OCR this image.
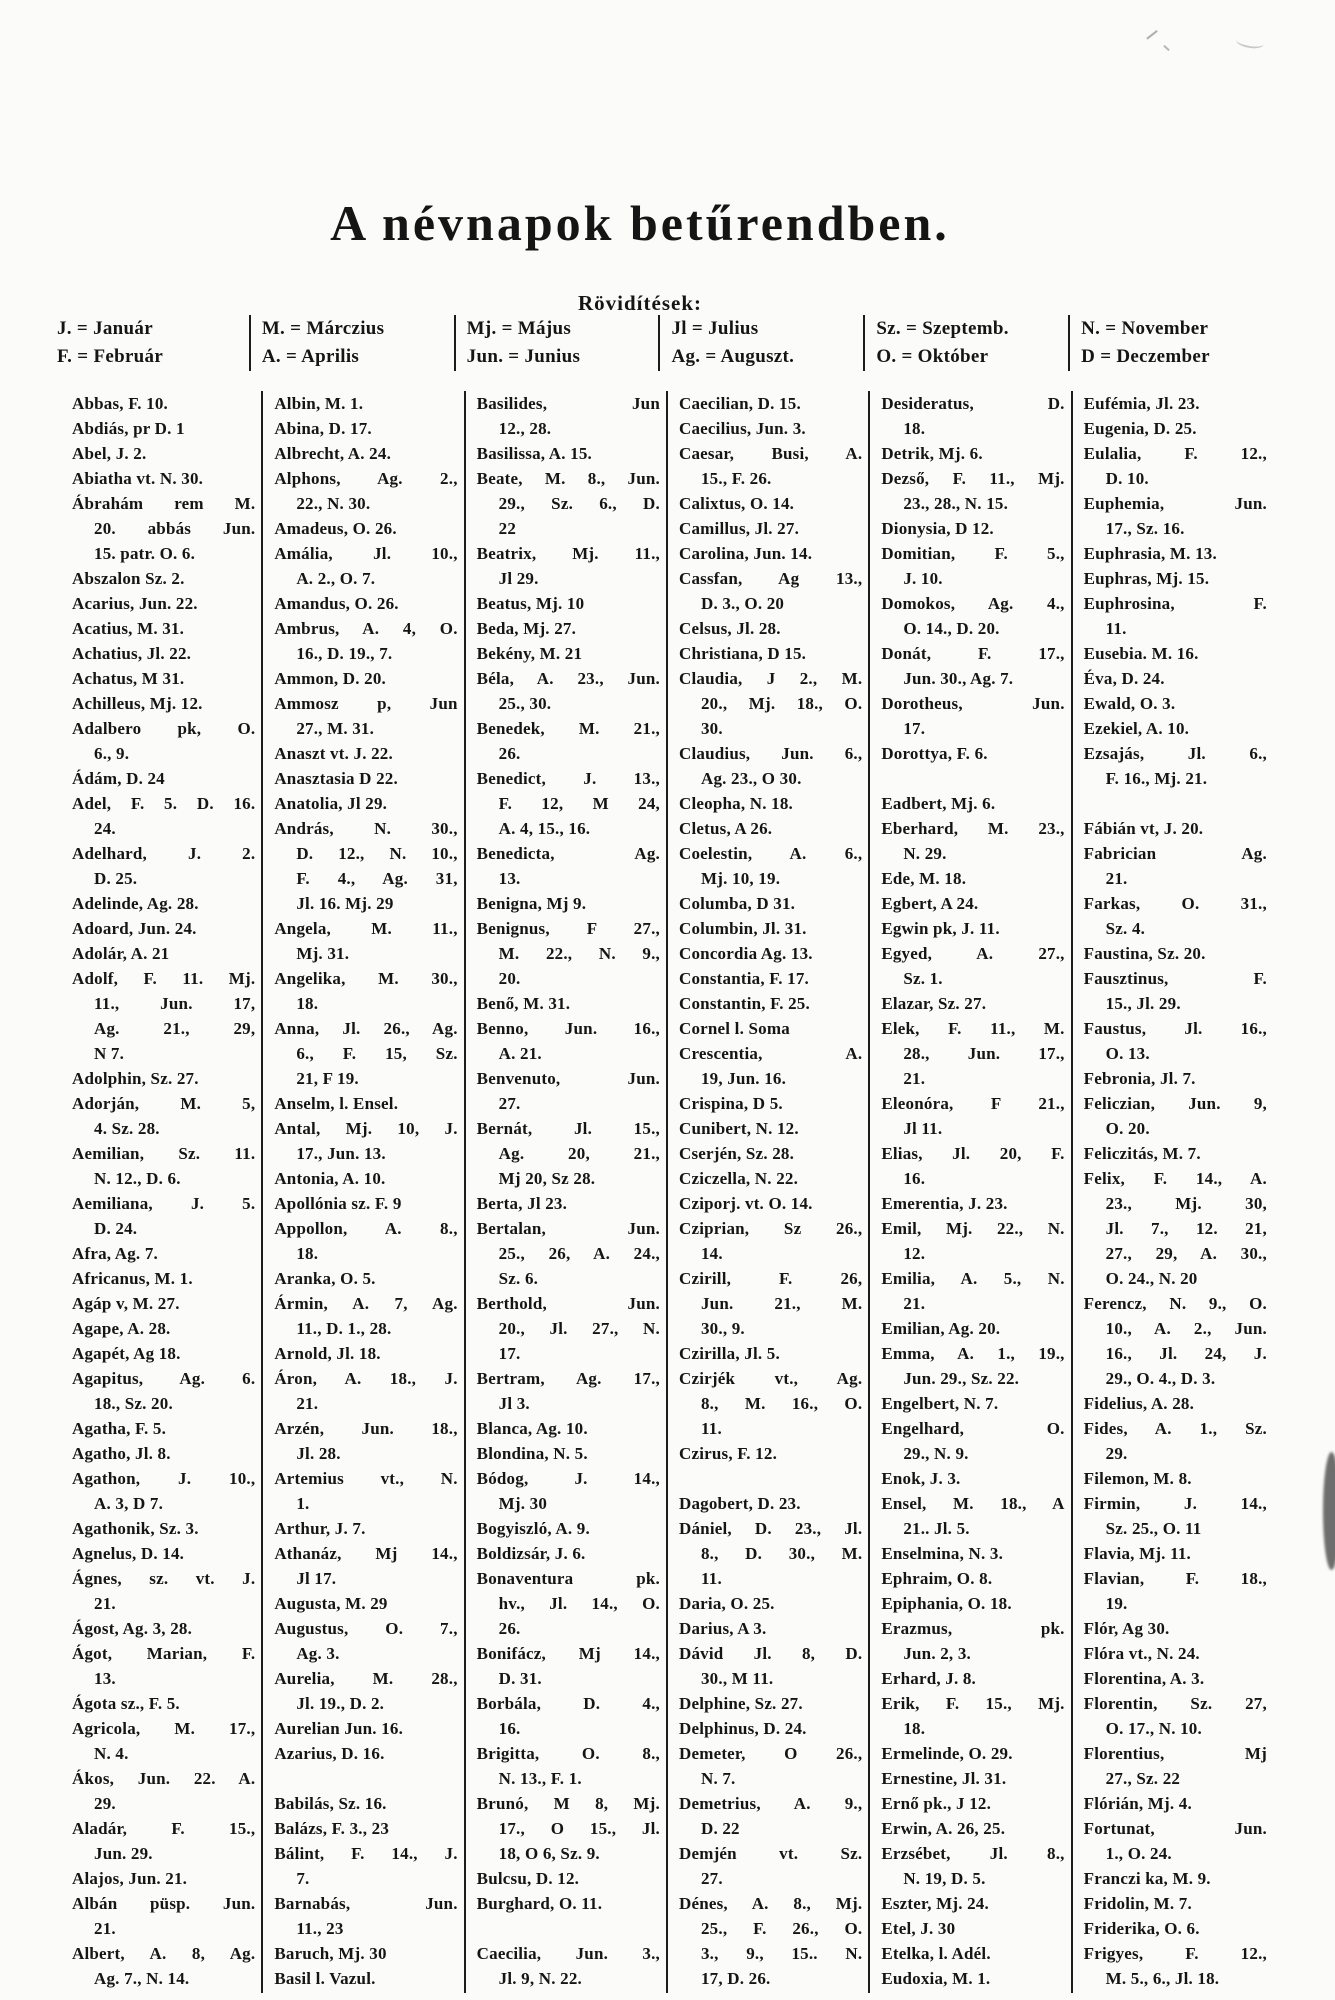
A névnapok betűrendben.
Rövidítések:
J. = Január
F. = Február
M. = Márczius
A. = Aprilis
Mj. = Május
Jun. = Junius
Jl = Julius
Ag. = Auguszt.
Sz. = Szeptemb.
O. = Október
N. = November
D = Deczember
Abbas, F. 10.
Abdiás, pr D. 1
Abel, J. 2.
Abiatha vt. N. 30.
Ábrahám rem M.
20. abbás Jun.
15. patr. O. 6.
Abszalon Sz. 2.
Acarius, Jun. 22.
Acatius, M. 31.
Achatius, Jl. 22.
Achatus, M 31.
Achilleus, Mj. 12.
Adalbero pk, O.
6., 9.
Ádám, D. 24
Adel, F. 5. D. 16.
24.
Adelhard, J. 2.
D. 25.
Adelinde, Ag. 28.
Adoard, Jun. 24.
Adolár, A. 21
Adolf, F. 11. Mj.
11., Jun. 17,
Ag. 21., 29,
N 7.
Adolphin, Sz. 27.
Adorján, M. 5,
4. Sz. 28.
Aemilian, Sz. 11.
N. 12., D. 6.
Aemiliana, J. 5.
D. 24.
Afra, Ag. 7.
Africanus, M. 1.
Agáp v, M. 27.
Agape, A. 28.
Agapét, Ag 18.
Agapitus, Ag. 6.
18., Sz. 20.
Agatha, F. 5.
Agatho, Jl. 8.
Agathon, J. 10.,
A. 3, D 7.
Agathonik, Sz. 3.
Agnelus, D. 14.
Ágnes, sz. vt. J.
21.
Ágost, Ag. 3, 28.
Ágot, Marian, F.
13.
Ágota sz., F. 5.
Agricola, M. 17.,
N. 4.
Ákos, Jun. 22. A.
29.
Aladár, F. 15.,
Jun. 29.
Alajos, Jun. 21.
Albán püsp. Jun.
21.
Albert, A. 8, Ag.
Ag. 7., N. 14.
Albin, M. 1.
Abina, D. 17.
Albrecht, A. 24.
Alphons, Ag. 2.,
22., N. 30.
Amadeus, O. 26.
Amália, Jl. 10.,
A. 2., O. 7.
Amandus, O. 26.
Ambrus, A. 4, O.
16., D. 19., 7.
Ammon, D. 20.
Ammosz p, Jun
27., M. 31.
Anaszt vt. J. 22.
Anasztasia D 22.
Anatolia, Jl 29.
András, N. 30.,
D. 12., N. 10.,
F. 4., Ag. 31,
Jl. 16. Mj. 29
Angela, M. 11.,
Mj. 31.
Angelika, M. 30.,
18.
Anna, Jl. 26., Ag.
6., F. 15, Sz.
21, F 19.
Anselm, l. Ensel.
Antal, Mj. 10, J.
17., Jun. 13.
Antonia, A. 10.
Apollónia sz. F. 9
Appollon, A. 8.,
18.
Aranka, O. 5.
Ármin, A. 7, Ag.
11., D. 1., 28.
Arnold, Jl. 18.
Áron, A. 18., J.
21.
Arzén, Jun. 18.,
Jl. 28.
Artemius vt., N.
1.
Arthur, J. 7.
Athanáz, Mj 14.,
Jl 17.
Augusta, M. 29
Augustus, O. 7.,
Ag. 3.
Aurelia, M. 28.,
Jl. 19., D. 2.
Aurelian Jun. 16.
Azarius, D. 16.
Babilás, Sz. 16.
Balázs, F. 3., 23
Bálint, F. 14., J.
7.
Barnabás, Jun.
11., 23
Baruch, Mj. 30
Basil l. Vazul.
Basilides, Jun
12., 28.
Basilissa, A. 15.
Beate, M. 8., Jun.
29., Sz. 6., D.
22
Beatrix, Mj. 11.,
Jl 29.
Beatus, Mj. 10
Beda, Mj. 27.
Bekény, M. 21
Béla, A. 23., Jun.
25., 30.
Benedek, M. 21.,
26.
Benedict, J. 13.,
F. 12, M 24,
A. 4, 15., 16.
Benedicta, Ag.
13.
Benigna, Mj 9.
Benignus, F 27.,
M. 22., N. 9.,
20.
Benő, M. 31.
Benno, Jun. 16.,
A. 21.
Benvenuto, Jun.
27.
Bernát, Jl. 15.,
Ag. 20, 21.,
Mj 20, Sz 28.
Berta, Jl 23.
Bertalan, Jun.
25., 26, A. 24.,
Sz. 6.
Berthold, Jun.
20., Jl. 27., N.
17.
Bertram, Ag. 17.,
Jl 3.
Blanca, Ag. 10.
Blondina, N. 5.
Bódog, J. 14.,
Mj. 30
Bogyiszló, A. 9.
Boldizsár, J. 6.
Bonaventura pk.
hv., Jl. 14., O.
26.
Bonifácz, Mj 14.,
D. 31.
Borbála, D. 4.,
16.
Brigitta, O. 8.,
N. 13., F. 1.
Brunó, M 8, Mj.
17., O 15., Jl.
18, O 6, Sz. 9.
Bulcsu, D. 12.
Burghard, O. 11.
Caecilia, Jun. 3.,
Jl. 9, N. 22.
Caecilian, D. 15.
Caecilius, Jun. 3.
Caesar, Busi, A.
15., F. 26.
Calixtus, O. 14.
Camillus, Jl. 27.
Carolina, Jun. 14.
Cassfan, Ag 13.,
D. 3., O. 20
Celsus, Jl. 28.
Christiana, D 15.
Claudia, J 2., M.
20., Mj. 18., O.
30.
Claudius, Jun. 6.,
Ag. 23., O 30.
Cleopha, N. 18.
Cletus, A 26.
Coelestin, A. 6.,
Mj. 10, 19.
Columba, D 31.
Columbin, Jl. 31.
Concordia Ag. 13.
Constantia, F. 17.
Constantin, F. 25.
Cornel l. Soma
Crescentia, A.
19, Jun. 16.
Crispina, D 5.
Cunibert, N. 12.
Cserjén, Sz. 28.
Cziczella, N. 22.
Cziporj. vt. O. 14.
Cziprian, Sz 26.,
14.
Czirill, F. 26,
Jun. 21., M.
30., 9.
Czirilla, Jl. 5.
Czirjék vt., Ag.
8., M. 16., O.
11.
Czirus, F. 12.
Dagobert, D. 23.
Dániel, D. 23., Jl.
8., D. 30., M.
11.
Daria, O. 25.
Darius, A 3.
Dávid Jl. 8, D.
30., M 11.
Delphine, Sz. 27.
Delphinus, D. 24.
Demeter, O 26.,
N. 7.
Demetrius, A. 9.,
D. 22
Demjén vt. Sz.
27.
Dénes, A. 8., Mj.
25., F. 26., O.
3., 9., 15.. N.
17, D. 26.
Desideratus, D.
18.
Detrik, Mj. 6.
Dezső, F. 11., Mj.
23., 28., N. 15.
Dionysia, D 12.
Domitian, F. 5.,
J. 10.
Domokos, Ag. 4.,
O. 14., D. 20.
Donát, F. 17.,
Jun. 30., Ag. 7.
Dorotheus, Jun.
17.
Dorottya, F. 6.
Eadbert, Mj. 6.
Eberhard, M. 23.,
N. 29.
Ede, M. 18.
Egbert, A 24.
Egwin pk, J. 11.
Egyed, A. 27.,
Sz. 1.
Elazar, Sz. 27.
Elek, F. 11., M.
28., Jun. 17.,
21.
Eleonóra, F 21.,
Jl 11.
Elias, Jl. 20, F.
16.
Emerentia, J. 23.
Emil, Mj. 22., N.
12.
Emilia, A. 5., N.
21.
Emilian, Ag. 20.
Emma, A. 1., 19.,
Jun. 29., Sz. 22.
Engelbert, N. 7.
Engelhard, O.
29., N. 9.
Enok, J. 3.
Ensel, M. 18., A
21.. Jl. 5.
Enselmina, N. 3.
Ephraim, O. 8.
Epiphania, O. 18.
Erazmus, pk.
Jun. 2, 3.
Erhard, J. 8.
Erik, F. 15., Mj.
18.
Ermelinde, O. 29.
Ernestine, Jl. 31.
Ernő pk., J 12.
Erwin, A. 26, 25.
Erzsébet, Jl. 8.,
N. 19, D. 5.
Eszter, Mj. 24.
Etel, J. 30
Etelka, l. Adél.
Eudoxia, M. 1.
Eufémia, Jl. 23.
Eugenia, D. 25.
Eulalia, F. 12.,
D. 10.
Euphemia, Jun.
17., Sz. 16.
Euphrasia, M. 13.
Euphras, Mj. 15.
Euphrosina, F.
11.
Eusebia. M. 16.
Éva, D. 24.
Ewald, O. 3.
Ezekiel, A. 10.
Ezsajás, Jl. 6.,
F. 16., Mj. 21.
Fábián vt, J. 20.
Fabrician Ag.
21.
Farkas, O. 31.,
Sz. 4.
Faustina, Sz. 20.
Fausztinus, F.
15., Jl. 29.
Faustus, Jl. 16.,
O. 13.
Febronia, Jl. 7.
Feliczian, Jun. 9,
O. 20.
Feliczitás, M. 7.
Felix, F. 14., A.
23., Mj. 30,
Jl. 7., 12. 21,
27., 29, A. 30.,
O. 24., N. 20
Ferencz, N. 9., O.
10., A. 2., Jun.
16., Jl. 24, J.
29., O. 4., D. 3.
Fidelius, A. 28.
Fides, A. 1., Sz.
29.
Filemon, M. 8.
Firmin, J. 14.,
Sz. 25., O. 11
Flavia, Mj. 11.
Flavian, F. 18.,
19.
Flór, Ag 30.
Flóra vt., N. 24.
Florentina, A. 3.
Florentin, Sz. 27,
O. 17., N. 10.
Florentius, Mj
27., Sz. 22
Flórián, Mj. 4.
Fortunat, Jun.
1., O. 24.
Franczi ka, M. 9.
Fridolin, M. 7.
Friderika, O. 6.
Frigyes, F. 12.,
M. 5., 6., Jl. 18.
